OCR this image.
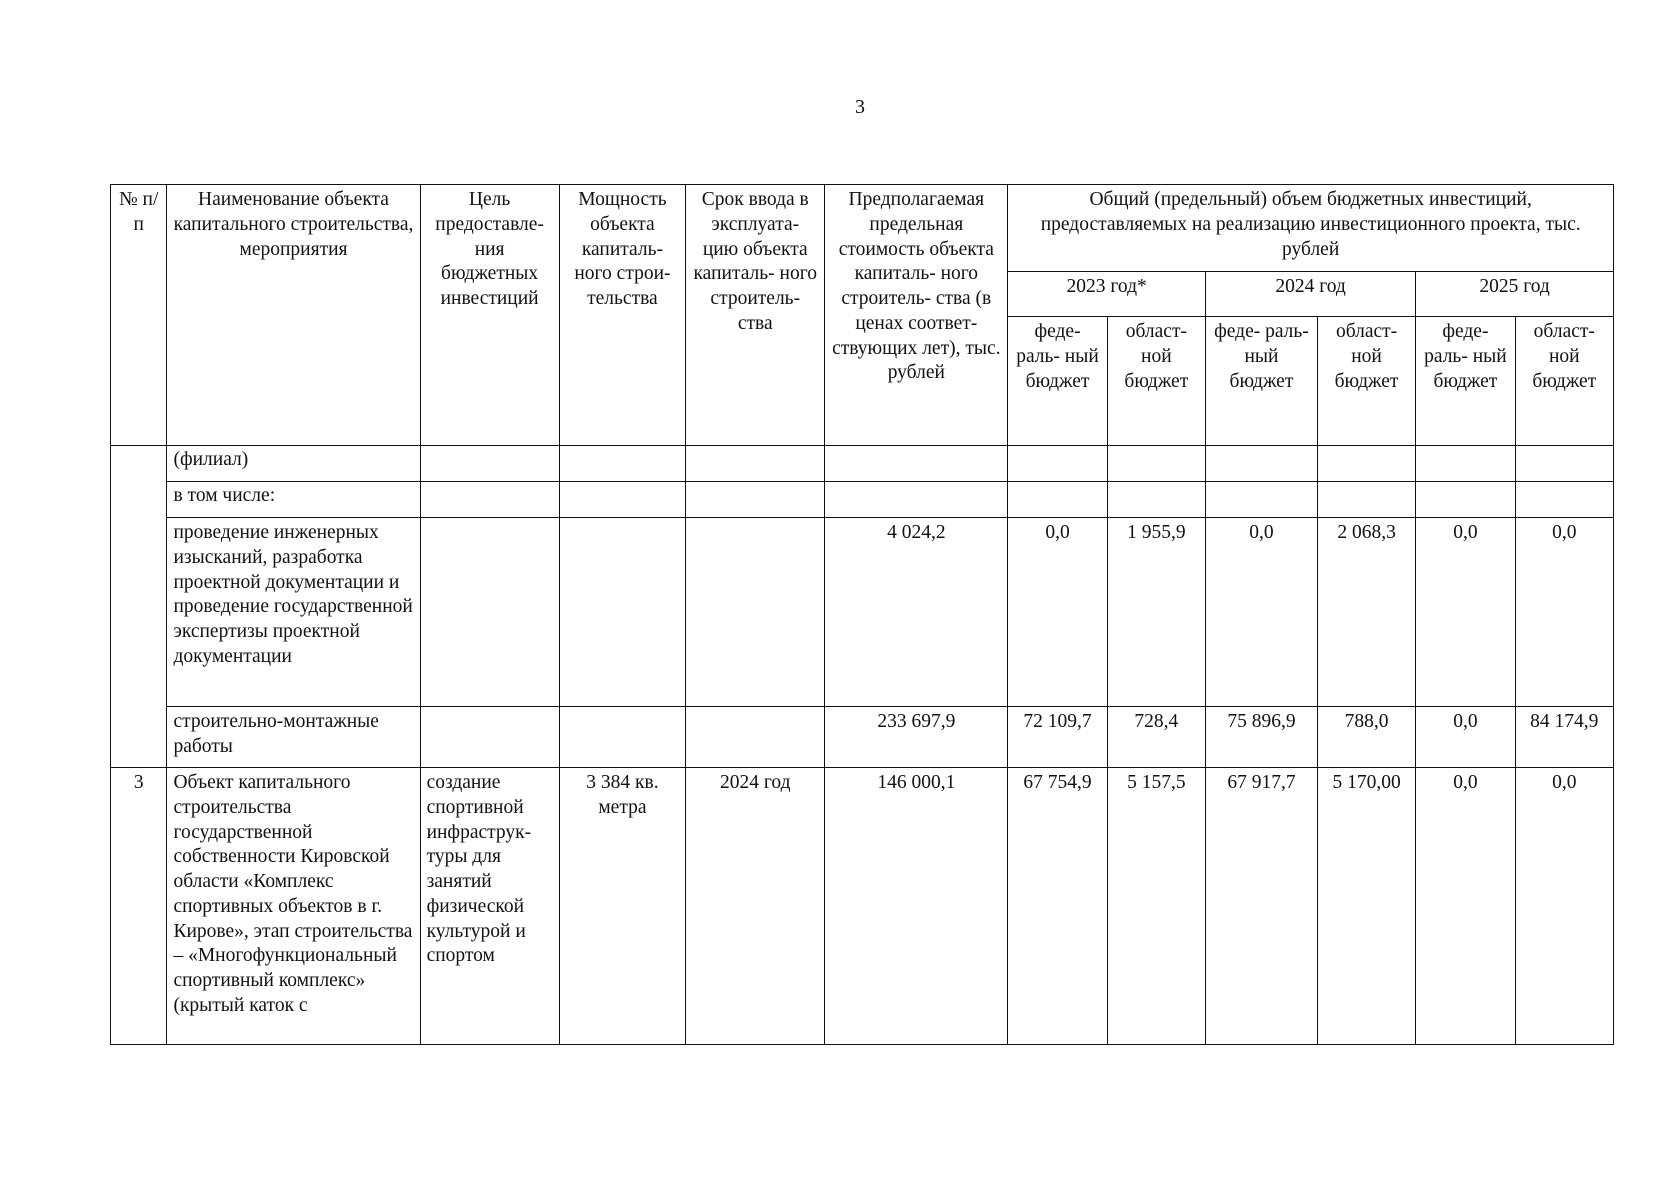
3
№ п/п	Наименование объекта капитального строительства, мероприятия	Цель предоставле- ния бюджетных инвестиций	Мощность объекта капиталь- ного строи- тельства	Срок ввода в эксплуата- цию объекта капиталь- ного строитель- ства	Предполагаемая предельная стоимость объекта капиталь- ного строитель- ства (в ценах соответ- ствующих лет), тыс. рублей	Общий (предельный) объем бюджетных инвестиций, предоставляемых на реализацию инвестиционного проекта, тыс. рублей					
						2023 год*		2024 год		2025 год	
						феде- раль- ный бюджет	област- ной бюджет	феде- раль- ный бюджет	област- ной бюджет	феде- раль- ный бюджет	област- ной бюджет
	(филиал)										
	в том числе:										
	проведение инженерных изысканий, разработка проектной документации и проведение государственной экспертизы проектной документации				4 024,2	0,0	1 955,9	0,0	2 068,3	0,0	0,0
	строительно-монтажные работы				233 697,9	72 109,7	728,4	75 896,9	788,0	0,0	84 174,9
3	Объект капитального строительства государственной собственности Кировской области «Комплекс спортивных объектов в г. Кирове», этап строительства – «Многофункциональный спортивный комплекс» (крытый каток с	создание спортивной инфраструк- туры для занятий физической культурой и спортом	3 384 кв. метра	2024 год	146 000,1	67 754,9	5 157,5	67 917,7	5 170,00	0,0	0,0
